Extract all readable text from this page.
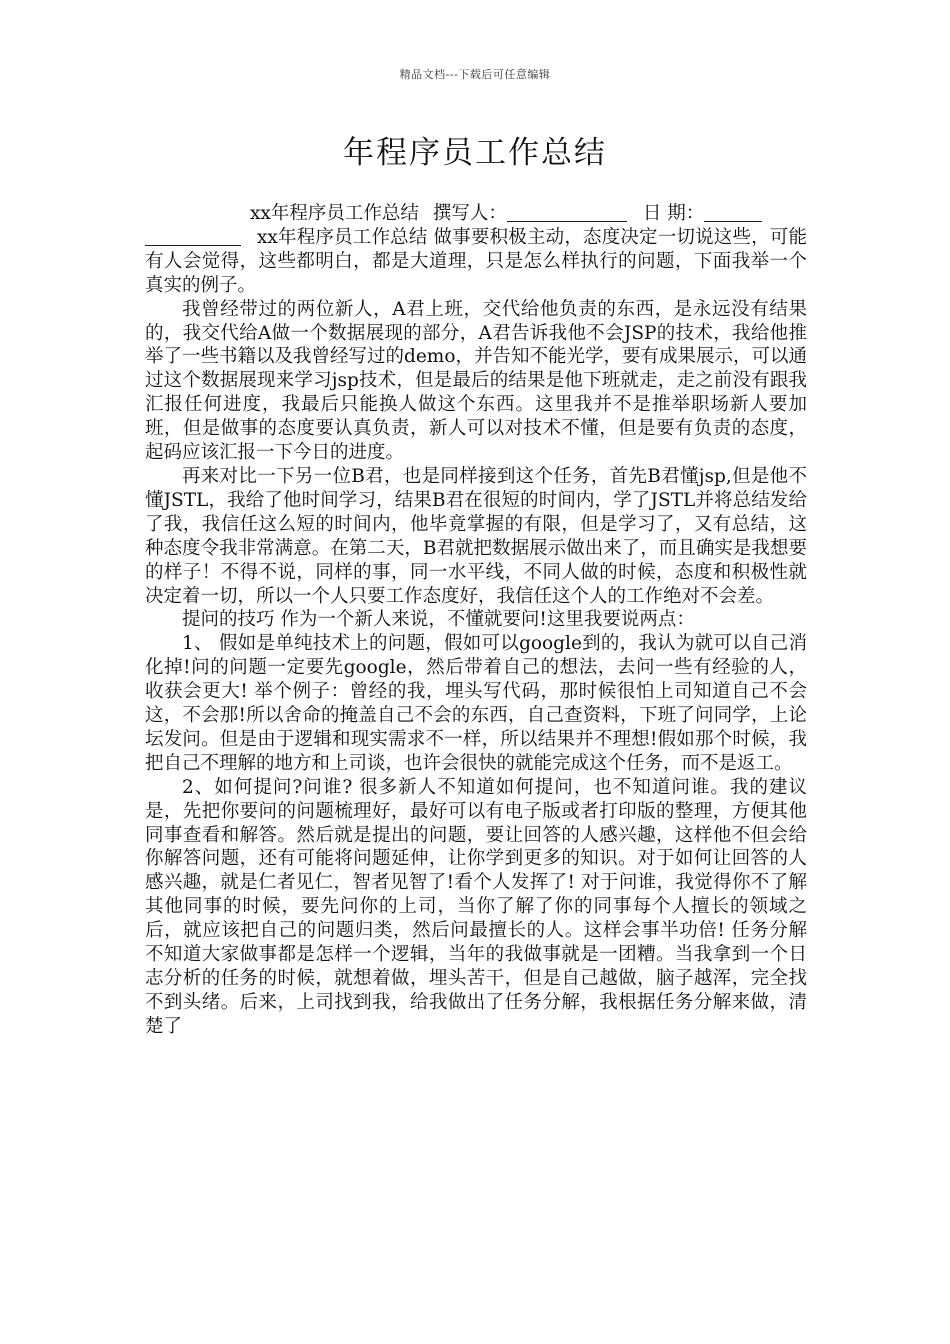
精品文档---下载后可任意编辑
年程序员工作总结

xx年程序员工作总结 撰写人：	日 期：
xx年程序员工作总结 做事要积极主动，态度决定一切说这些，可能有人会觉得，这些都明白，都是大道理，只是怎么样执行的问题，下面我举一个真实的例子。

我曾经带过的两位新人，A君上班，交代给他负责的东西，是永远没有结果的，我交代给A做一个数据展现的部分，A君告诉我他不会JSP的技术，我给他推举了一些书籍以及我曾经写过的demo，并告知不能光学，要有成果展示，可以通过这个数据展现来学习jsp技术，但是最后的结果是他下班就走，走之前没有跟我汇报任何进度，我最后只能换人做这个东西。这里我并不是推举职场新人要加班，但是做事的态度要认真负责，新人可以对技术不懂，但是要有负责的态度，起码应该汇报一下今日的进度。

再来对比一下另一位B君，也是同样接到这个任务，首先B君懂jsp,但是他不懂JSTL，我给了他时间学习，结果B君在很短的时间内，学了JSTL并将总结发给了我，我信任这么短的时间内，他毕竟掌握的有限，但是学习了，又有总结，这种态度令我非常满意。在第二天，B君就把数据展示做出来了，而且确实是我想要的样子！不得不说，同样的事，同一水平线，不同人做的时候，态度和积极性就决定着一切，所以一个人只要工作态度好，我信任这个人的工作绝对不会差。

提问的技巧 作为一个新人来说，不懂就要问!这里我要说两点：

1、 假如是单纯技术上的问题，假如可以google到的，我认为就可以自己消化掉!问的问题一定要先google，然后带着自己的想法，去问一些有经验的人，收获会更大! 举个例子：曾经的我，埋头写代码，那时候很怕上司知道自己不会这，不会那!所以舍命的掩盖自己不会的东西，自己查资料，下班了问同学，上论坛发问。但是由于逻辑和现实需求不一样，所以结果并不理想!假如那个时候，我把自己不理解的地方和上司谈，也许会很快的就能完成这个任务，而不是返工。

2、如何提问?问谁? 很多新人不知道如何提问，也不知道问谁。我的建议是，先把你要问的问题梳理好，最好可以有电子版或者打印版的整理，方便其他同事查看和解答。然后就是提出的问题，要让回答的人感兴趣，这样他不但会给你解答问题，还有可能将问题延伸，让你学到更多的知识。对于如何让回答的人感兴趣，就是仁者见仁，智者见智了!看个人发挥了! 对于问谁，我觉得你不了解其他同事的时候，要先问你的上司，当你了解了你的同事每个人擅长的领域之后，就应该把自己的问题归类，然后问最擅长的人。这样会事半功倍! 任务分解 不知道大家做事都是怎样一个逻辑，当年的我做事就是一团糟。当我拿到一个日志分析的任务的时候，就想着做，埋头苦干，但是自己越做，脑子越浑，完全找不到头绪。后来，上司找到我，给我做出了任务分解，我根据任务分解来做，清楚了
